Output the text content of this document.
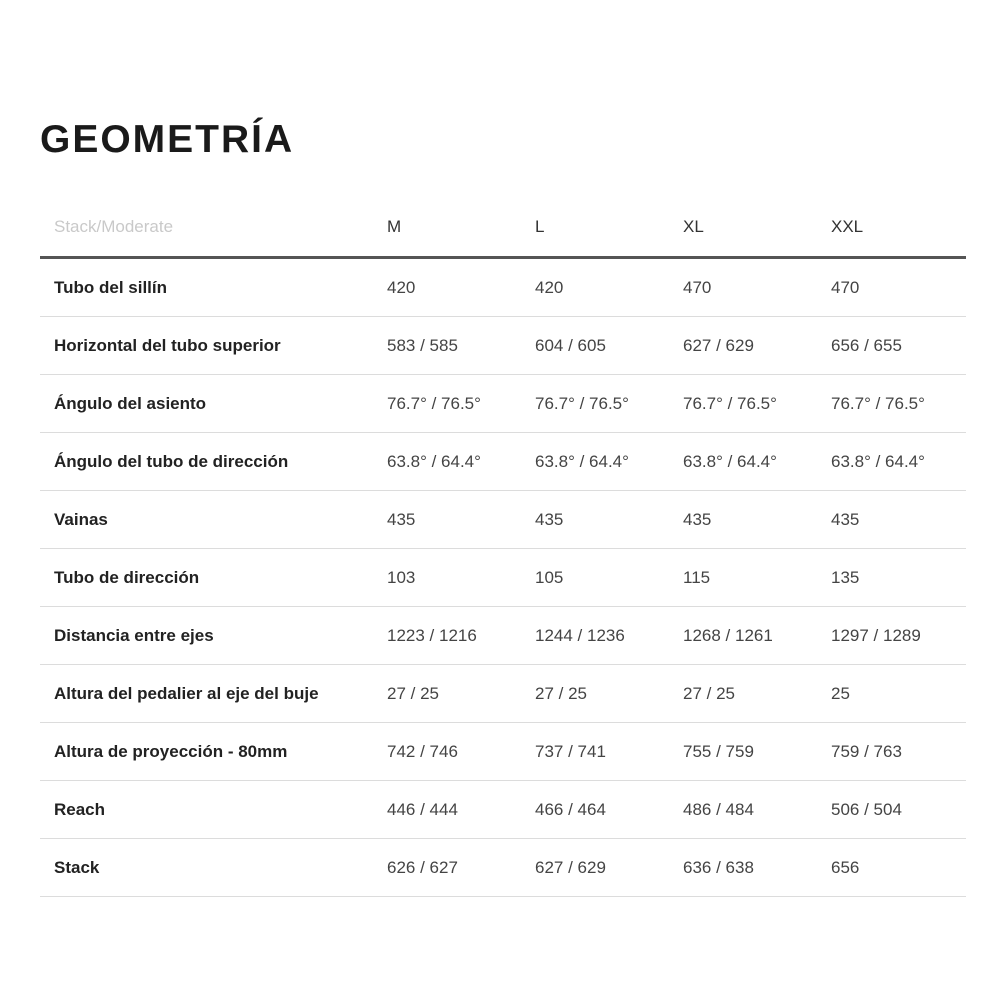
GEOMETRÍA
Stack/Moderate	M	L	XL	XXL
Tubo del sillín	420	420	470	470
Horizontal del tubo superior	583 / 585	604 / 605	627 / 629	656 / 655
Ángulo del asiento	76.7° / 76.5°	76.7° / 76.5°	76.7° / 76.5°	76.7° / 76.5°
Ángulo del tubo de dirección	63.8° / 64.4°	63.8° / 64.4°	63.8° / 64.4°	63.8° / 64.4°
Vainas	435	435	435	435
Tubo de dirección	103	105	115	135
Distancia entre ejes	1223 / 1216	1244 / 1236	1268 / 1261	1297 / 1289
Altura del pedalier al eje del buje	27 / 25	27 / 25	27 / 25	25
Altura de proyección - 80mm	742 / 746	737 / 741	755 / 759	759 / 763
Reach	446 / 444	466 / 464	486 / 484	506 / 504
Stack	626 / 627	627 / 629	636 / 638	656
